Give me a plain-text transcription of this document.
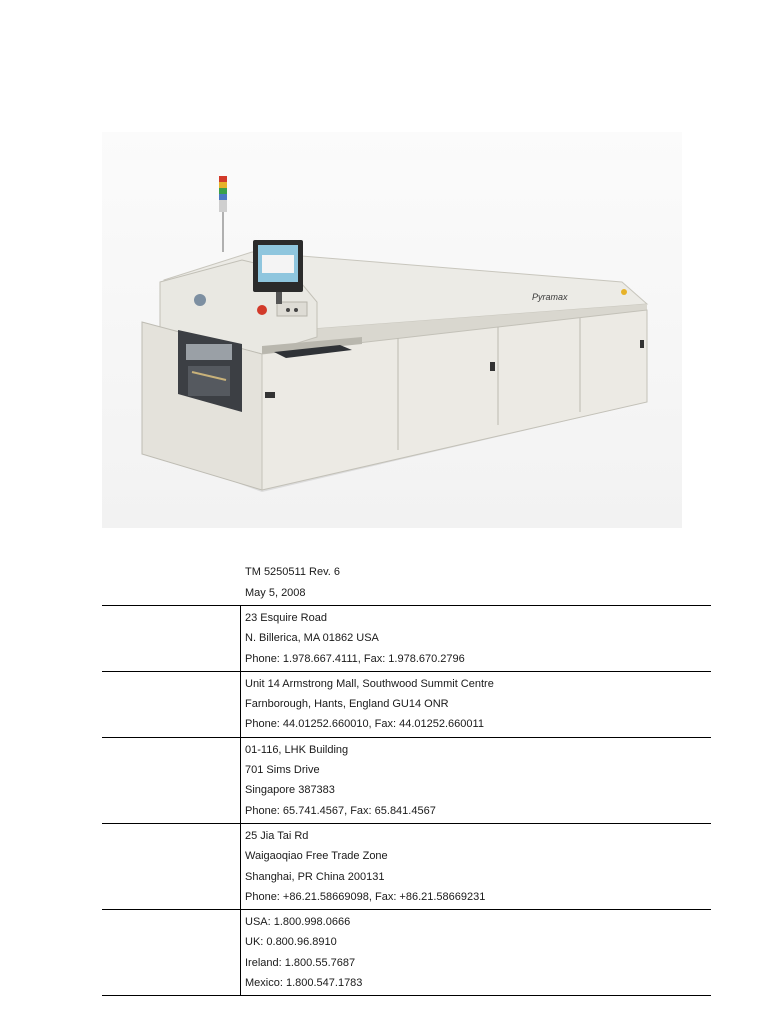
Pyramax
TM 5250511 Rev. 6
May 5, 2008

	23 Esquire Road
N. Billerica, MA 01862 USA
Phone: 1.978.667.4111, Fax: 1.978.670.2796

	Unit 14 Armstrong Mall, Southwood Summit Centre
Farnborough, Hants, England GU14 ONR
Phone: 44.01252.660010, Fax: 44.01252.660011

	01-116, LHK Building
701 Sims Drive
Singapore 387383
Phone: 65.741.4567, Fax: 65.841.4567

	25 Jia Tai Rd
Waigaoqiao Free Trade Zone
Shanghai, PR China 200131
Phone: +86.21.58669098, Fax: +86.21.58669231

	USA: 1.800.998.0666
UK: 0.800.96.8910
Ireland: 1.800.55.7687
Mexico: 1.800.547.1783
